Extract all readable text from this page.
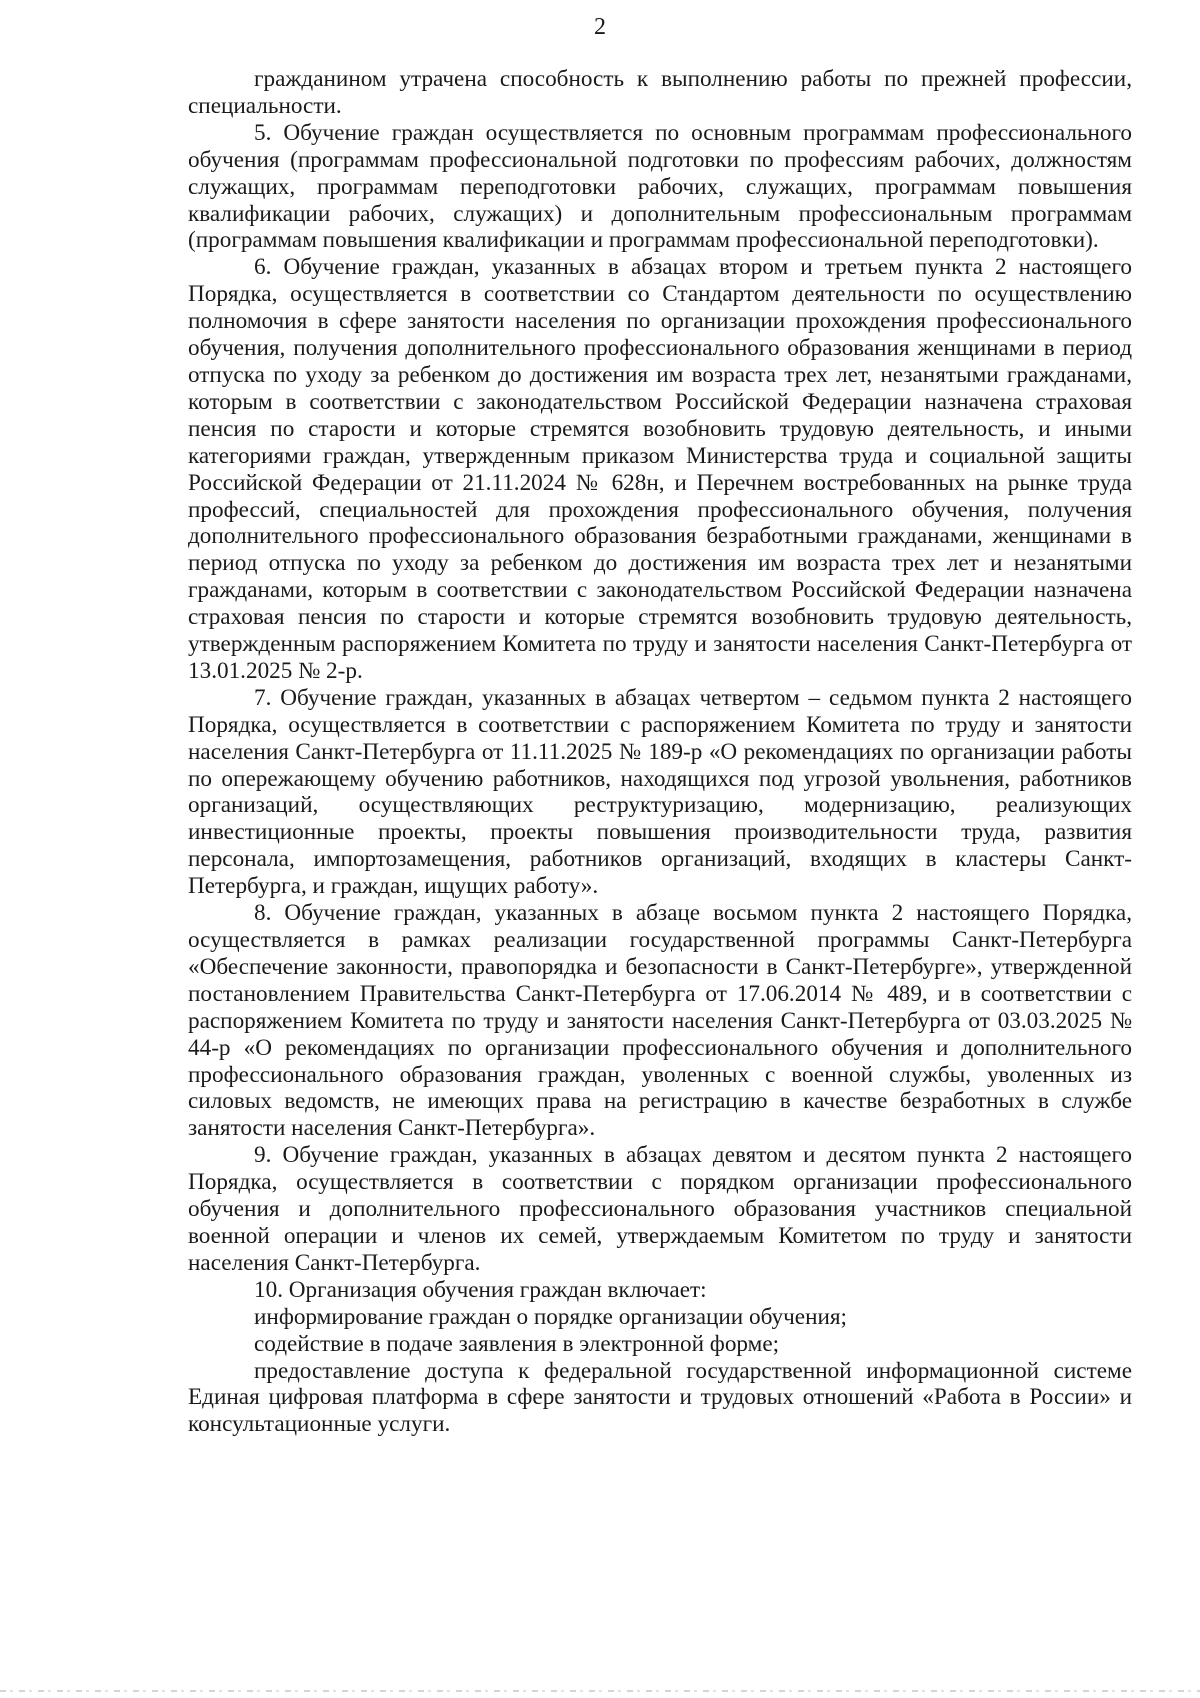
2

гражданином утрачена способность к выполнению работы по прежней профессии, специальности.

5. Обучение граждан осуществляется по основным программам профессионального обучения (программам профессиональной подготовки по профессиям рабочих, должностям служащих, программам переподготовки рабочих, служащих, программам повышения квалификации рабочих, служащих) и дополнительным профессиональным программам (программам повышения квалификации и программам профессиональной переподготовки).

6. Обучение граждан, указанных в абзацах втором и третьем пункта 2 настоящего Порядка, осуществляется в соответствии со Стандартом деятельности по осуществлению полномочия в сфере занятости населения по организации прохождения профессионального обучения, получения дополнительного профессионального образования женщинами в период отпуска по уходу за ребенком до достижения им возраста трех лет, незанятыми гражданами, которым в соответствии с законодательством Российской Федерации назначена страховая пенсия по старости и которые стремятся возобновить трудовую деятельность, и иными категориями граждан, утвержденным приказом Министерства труда и социальной защиты Российской Федерации от 21.11.2024 № 628н, и Перечнем востребованных на рынке труда профессий, специальностей для прохождения профессионального обучения, получения дополнительного профессионального образования безработными гражданами, женщинами в период отпуска по уходу за ребенком до достижения им возраста трех лет и незанятыми гражданами, которым в соответствии с законодательством Российской Федерации назначена страховая пенсия по старости и которые стремятся возобновить трудовую деятельность, утвержденным распоряжением Комитета по труду и занятости населения Санкт-Петербурга от 13.01.2025 № 2-р.

7. Обучение граждан, указанных в абзацах четвертом – седьмом пункта 2 настоящего Порядка, осуществляется в соответствии с распоряжением Комитета по труду и занятости населения Санкт-Петербурга от 11.11.2025 № 189-р «О рекомендациях по организации работы по опережающему обучению работников, находящихся под угрозой увольнения, работников организаций, осуществляющих реструктуризацию, модернизацию, реализующих инвестиционные проекты, проекты повышения производительности труда, развития персонала, импортозамещения, работников организаций, входящих в кластеры Санкт-Петербурга, и граждан, ищущих работу».

8. Обучение граждан, указанных в абзаце восьмом пункта 2 настоящего Порядка, осуществляется в рамках реализации государственной программы Санкт-Петербурга «Обеспечение законности, правопорядка и безопасности в Санкт-Петербурге», утвержденной постановлением Правительства Санкт-Петербурга от 17.06.2014 № 489, и в соответствии с распоряжением Комитета по труду и занятости населения Санкт-Петербурга от 03.03.2025 № 44-р «О рекомендациях по организации профессионального обучения и дополнительного профессионального образования граждан, уволенных с военной службы, уволенных из силовых ведомств, не имеющих права на регистрацию в качестве безработных в службе занятости населения Санкт-Петербурга».

9. Обучение граждан, указанных в абзацах девятом и десятом пункта 2 настоящего Порядка, осуществляется в соответствии с порядком организации профессионального обучения и дополнительного профессионального образования участников специальной военной операции и членов их семей, утверждаемым Комитетом по труду и занятости населения Санкт-Петербурга.

10. Организация обучения граждан включает:

информирование граждан о порядке организации обучения;

содействие в подаче заявления в электронной форме;

предоставление доступа к федеральной государственной информационной системе Единая цифровая платформа в сфере занятости и трудовых отношений «Работа в России» и консультационные услуги.
